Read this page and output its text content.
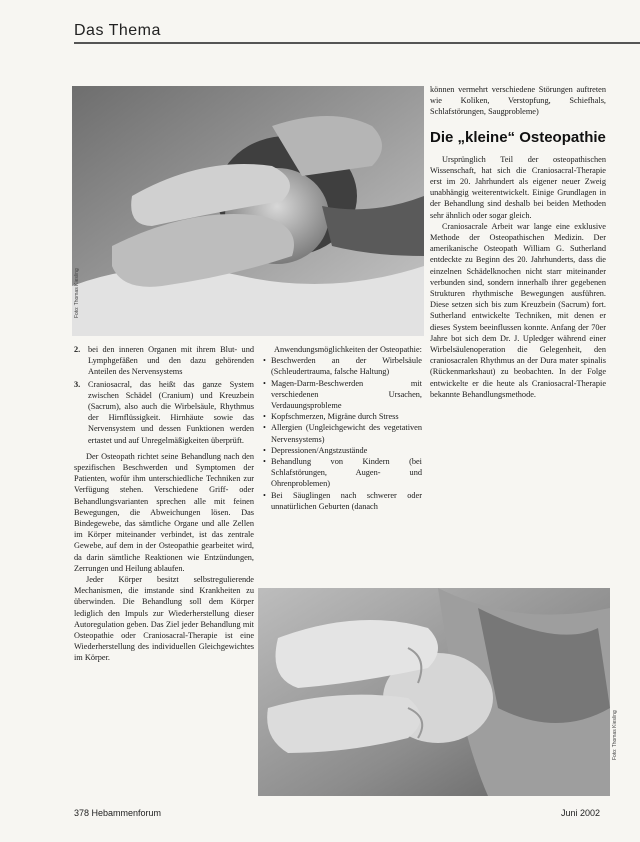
Das Thema
Foto: Thomas Kiesling
2. bei den inneren Organen mit ihrem Blut- und Lymphgefäßen und den dazu gehörenden Anteilen des Nervensystems
3. Craniosacral, das heißt das ganze System zwischen Schädel (Cranium) und Kreuzbein (Sacrum), also auch die Wirbelsäule, Rhythmus der Hirnflüssigkeit. Hirnhäute sowie das Nervensystem und dessen Funktionen werden ertastet und auf Unregelmäßigkeiten überprüft.

Der Osteopath richtet seine Behandlung nach den spezifischen Beschwerden und Symptomen der Patienten, wofür ihm unterschiedliche Techniken zur Verfügung stehen. Verschiedene Griff- oder Behandlungsvarianten sprechen alle mit feinen Bewegungen, die Abweichungen lösen. Das Bindegewebe, das sämtliche Organe und alle Zellen im Körper miteinander verbindet, ist das zentrale Gewebe, auf dem in der Osteopathie gearbeitet wird, da darin sämtliche Reaktionen wie Entzündungen, Zerrungen und Heilung ablaufen.

Jeder Körper besitzt selbstregulierende Mechanismen, die imstande sind Krankheiten zu überwinden. Die Behandlung soll dem Körper lediglich den Impuls zur Wiederherstellung dieser Autoregulation geben. Das Ziel jeder Behandlung mit Osteopathie oder Craniosacral-Therapie ist eine Wiederherstellung des individuellen Gleichgewichtes im Körper.

Anwendungsmöglichkeiten der Osteopathie:

• Beschwerden an der Wirbelsäule (Schleudertrauma, falsche Haltung)
• Magen-Darm-Beschwerden mit verschiedenen Ursachen, Verdauungsprobleme
• Kopfschmerzen, Migräne durch Stress
• Allergien (Ungleichgewicht des vegetativen Nervensystems)
• Depressionen/Angstzustände
• Behandlung von Kindern (bei Schlafstörungen, Augen- und Ohrenproblemen)
• Bei Säuglingen nach schwerer oder unnatürlichen Geburten (danach

können vermehrt verschiedene Störungen auftreten wie Koliken, Verstopfung, Schiefhals, Schlafstörungen, Saugprobleme)

Die „kleine“ Osteopathie

Ursprünglich Teil der osteopathischen Wissenschaft, hat sich die Craniosacral-Therapie erst im 20. Jahrhundert als eigener neuer Zweig unabhängig weiterentwickelt. Einige Grundlagen in der Behandlung sind deshalb bei beiden Methoden sehr ähnlich oder sogar gleich.

Craniosacrale Arbeit war lange eine exklusive Methode der Osteopathischen Medizin. Der amerikanische Osteopath William G. Sutherland entdeckte zu Beginn des 20. Jahrhunderts, dass die einzelnen Schädelknochen nicht starr miteinander verbunden sind, sondern innerhalb ihrer gegebenen Strukturen rhythmische Bewegungen ausführen. Diese setzen sich bis zum Kreuzbein (Sacrum) fort. Sutherland entwickelte Techniken, mit denen er dieses System beeinflussen konnte. Anfang der 70er Jahre bot sich dem Dr. J. Upledger während einer Wirbelsäulenoperation die Gelegenheit, den craniosacralen Rhythmus an der Dura mater spinalis (Rückenmarkshaut) zu beobachten. In der Folge entwickelte er die heute als Craniosacral-Therapie bekannte Behandlungsmethode.

Foto: Thomas Kiesling
378 Hebammenforum	Juni 2002
